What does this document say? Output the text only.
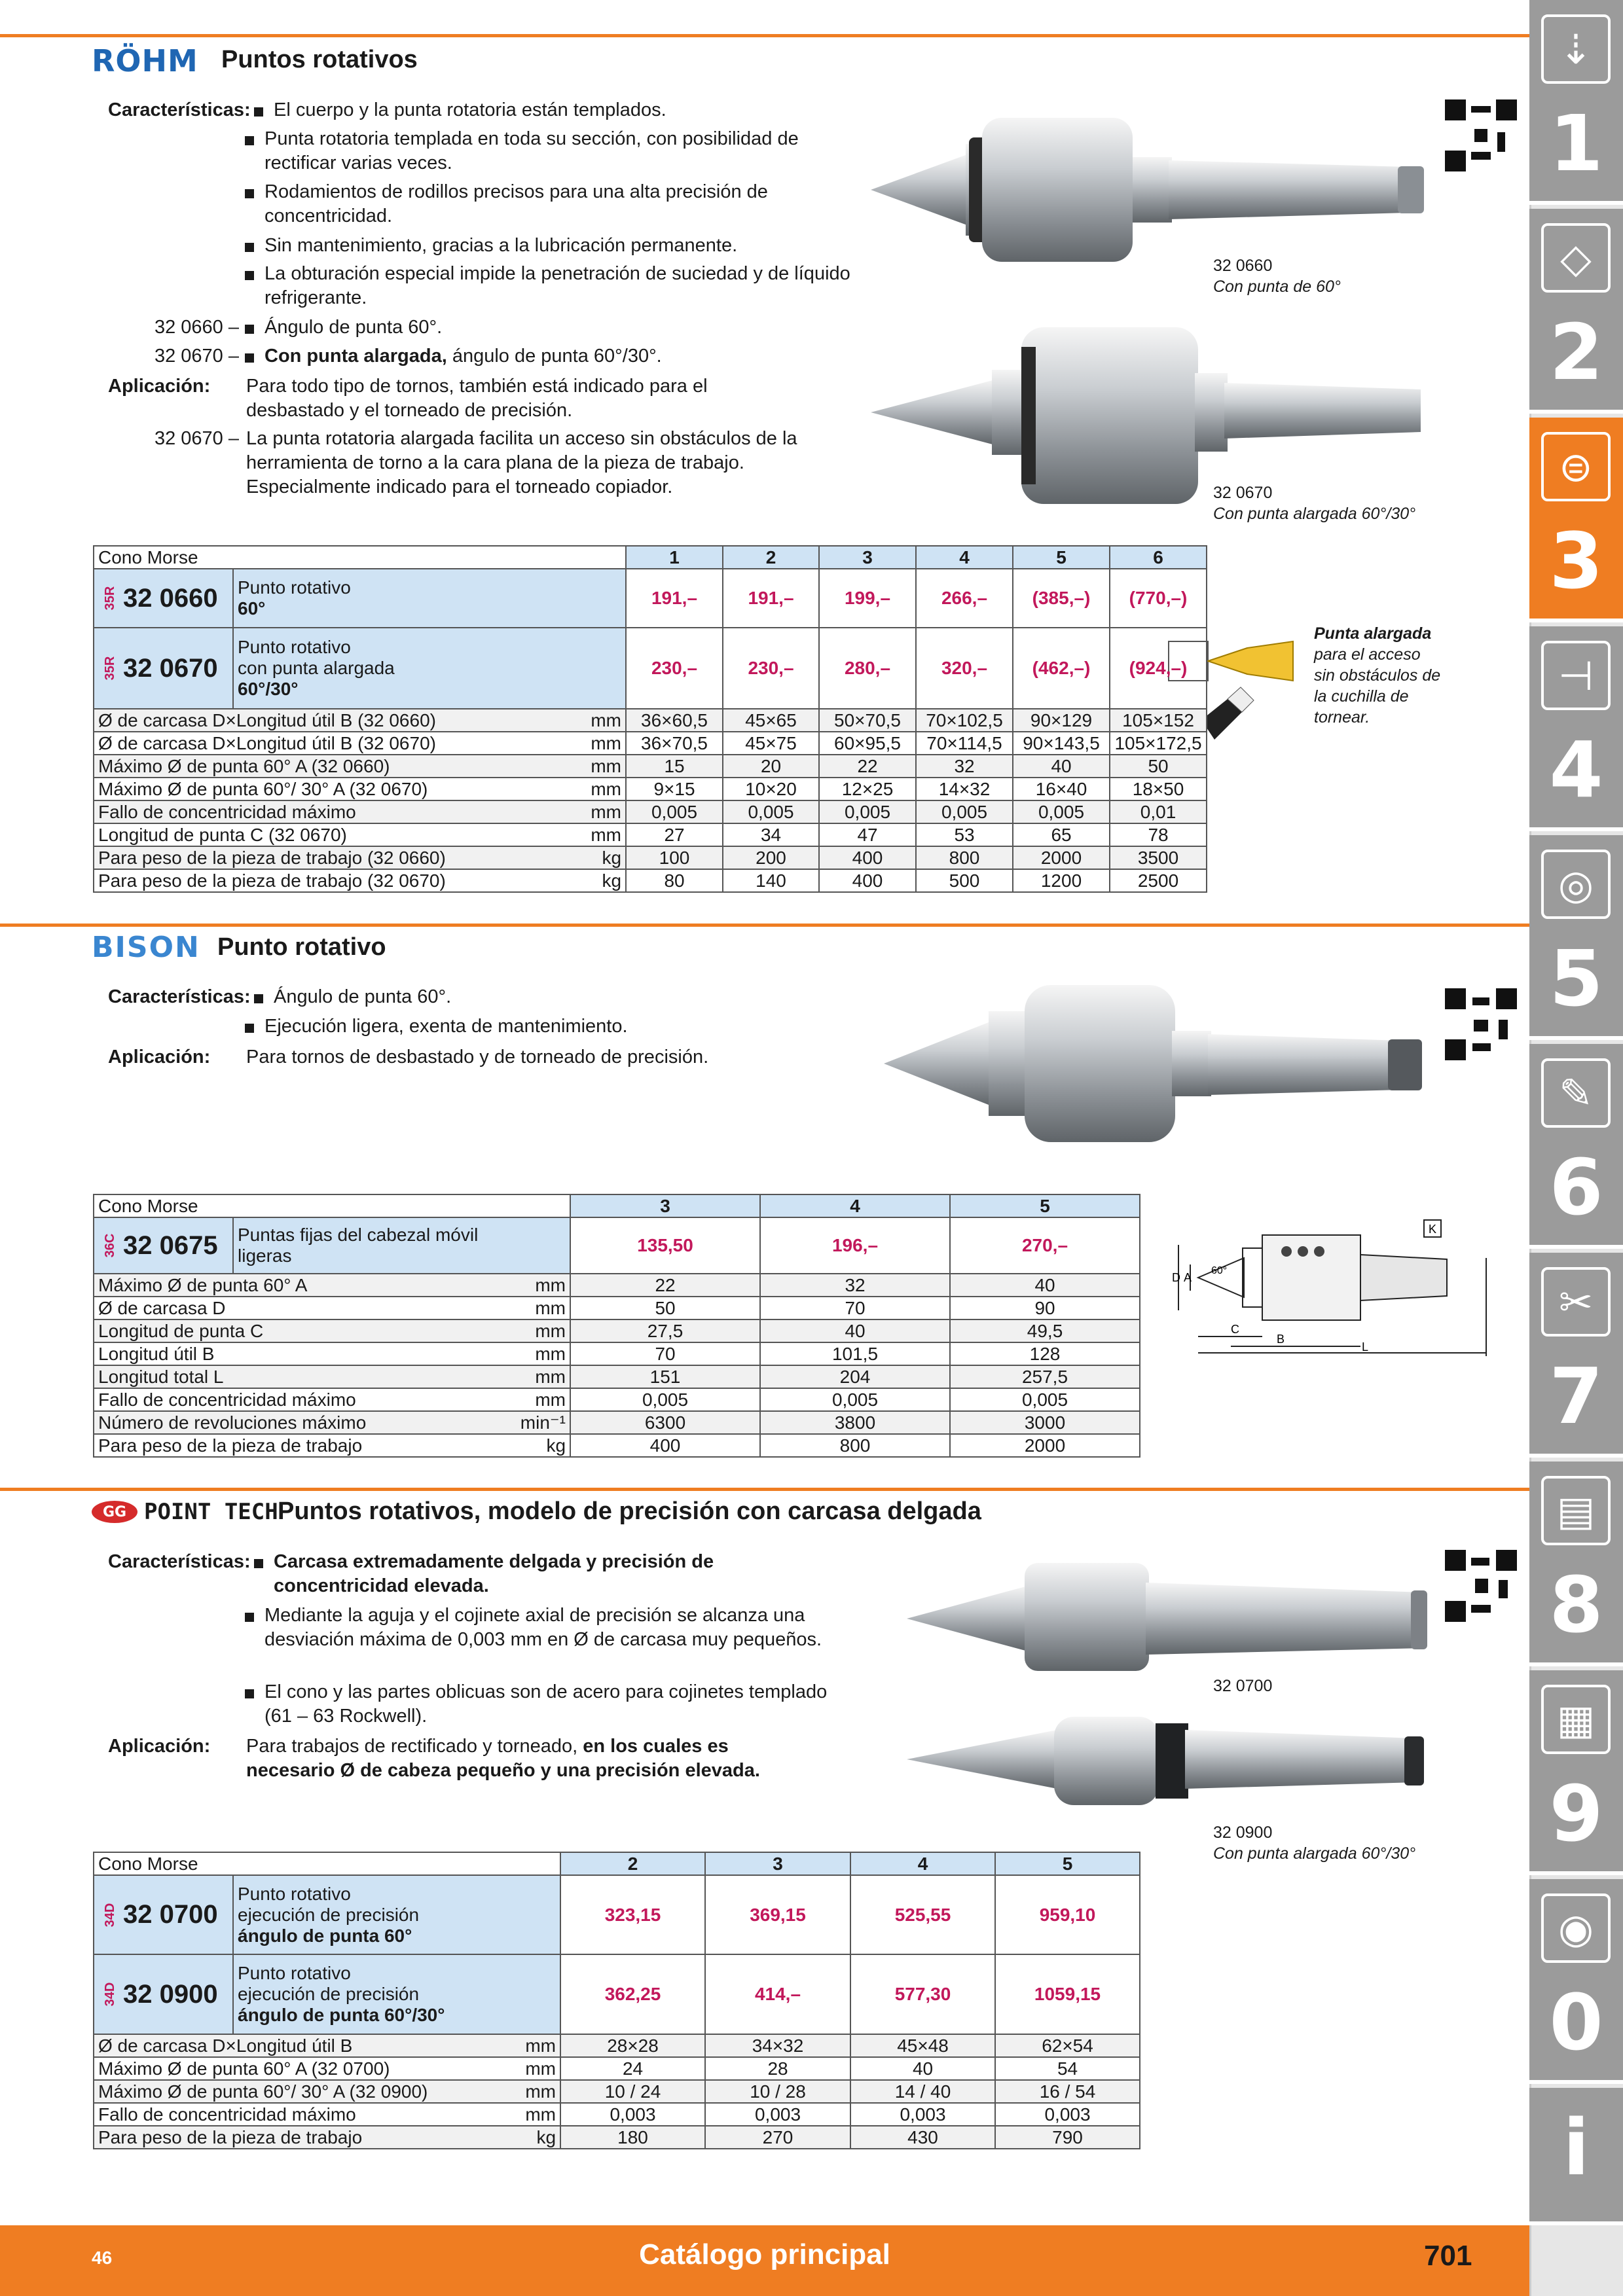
RÖHM Puntos rotativos
Características: El cuerpo y la punta rotatoria están templados.
Punta rotatoria templada en toda su sección, con posibilidad de rectificar varias veces.
Rodamientos de rodillos precisos para una alta precisión de concentricidad.
Sin mantenimiento, gracias a la lubricación permanente.
La obturación especial impide la penetración de suciedad y de líquido refrigerante.
32 0660 – Ángulo de punta 60°.
32 0670 – Con punta alargada, ángulo de punta 60°/30°.
Aplicación: Para todo tipo de tornos, también está indicado para el desbastado y el torneado de precisión.
32 0670 – La punta rotatoria alargada facilita un acceso sin obstáculos de la herramienta de torno a la cara plana de la pieza de trabajo. Especialmente indicado para el torneado copiador.
32 0660
Con punta de 60°
32 0670
Con punta alargada 60°/30°
Punta alargada
para el acceso sin obstáculos de la cuchilla de tornear.
Cono Morse			1	2	3	4	5	6

35R 32 0660	Punto rotativo
60°		191,–	191,–	199,–	266,–	(385,–)	(770,–)

35R 32 0670	Punto rotativo
con punta alargada
60°/30°		230,–	230,–	280,–	320,–	(462,–)	(924,–)
Ø de carcasa D×Longitud útil B (32 0660)		mm	36×60,5	45×65	50×70,5	70×102,5	90×129	105×152
Ø de carcasa D×Longitud útil B (32 0670)		mm	36×70,5	45×75	60×95,5	70×114,5	90×143,5	105×172,5
Máximo Ø de punta 60° A (32 0660)		mm	15	20	22	32	40	50
Máximo Ø de punta 60°/ 30° A (32 0670)		mm	9×15	10×20	12×25	14×32	16×40	18×50
Fallo de concentricidad máximo		mm	0,005	0,005	0,005	0,005	0,005	0,01
Longitud de punta C (32 0670)		mm	27	34	47	53	65	78
Para peso de la pieza de trabajo (32 0660)		kg	100	200	400	800	2000	3500
Para peso de la pieza de trabajo (32 0670)		kg	80	140	400	500	1200	2500
BISON Punto rotativo
Características: Ángulo de punta 60°.
Ejecución ligera, exenta de mantenimiento.
Aplicación: Para tornos de desbastado y de torneado de precisión.
K
D A
60°
C
B
L
Cono Morse			3	4	5

36C 32 0675	Puntas fijas del cabezal móvil
ligeras		135,50	196,–	270,–
Máximo Ø de punta 60° A		mm	22	32	40
Ø de carcasa D		mm	50	70	90
Longitud de punta C		mm	27,5	40	49,5
Longitud útil B		mm	70	101,5	128
Longitud total L		mm	151	204	257,5
Fallo de concentricidad máximo		mm	0,005	0,005	0,005
Número de revoluciones máximo		min⁻¹	6300	3800	3000
Para peso de la pieza de trabajo		kg	400	800	2000
GG POINT TECH Puntos rotativos, modelo de precisión con carcasa delgada
Características: Carcasa extremadamente delgada y precisión de concentricidad elevada.
Mediante la aguja y el cojinete axial de precisión se alcanza una desviación máxima de 0,003 mm en Ø de carcasa muy pequeños.
El cono y las partes oblicuas son de acero para cojinetes templado (61 – 63 Rockwell).
Aplicación: Para trabajos de rectificado y torneado, en los cuales es necesario Ø de cabeza pequeño y una precisión elevada.
32 0700
32 0900
Con punta alargada 60°/30°
Cono Morse			2	3	4	5

34D 32 0700	Punto rotativo
ejecución de precisión
ángulo de punta 60°		323,15	369,15	525,55	959,10

34D 32 0900	Punto rotativo
ejecución de precisión
ángulo de punta 60°/30°		362,25	414,–	577,30	1059,15
Ø de carcasa D×Longitud útil B		mm	28×28	34×32	45×48	62×54
Máximo Ø de punta 60° A (32 0700)		mm	24	28	40	54
Máximo Ø de punta 60°/ 30° A (32 0900)		mm	10 / 24	10 / 28	14 / 40	16 / 54
Fallo de concentricidad máximo		mm	0,003	0,003	0,003	0,003
Para peso de la pieza de trabajo		kg	180	270	430	790
⇣
1
◇
2
⊜
3
⊣
4
◎
5
✎
6
✂
7
▤
8
▦
9
◉
0
i
46	Catálogo principal	701
